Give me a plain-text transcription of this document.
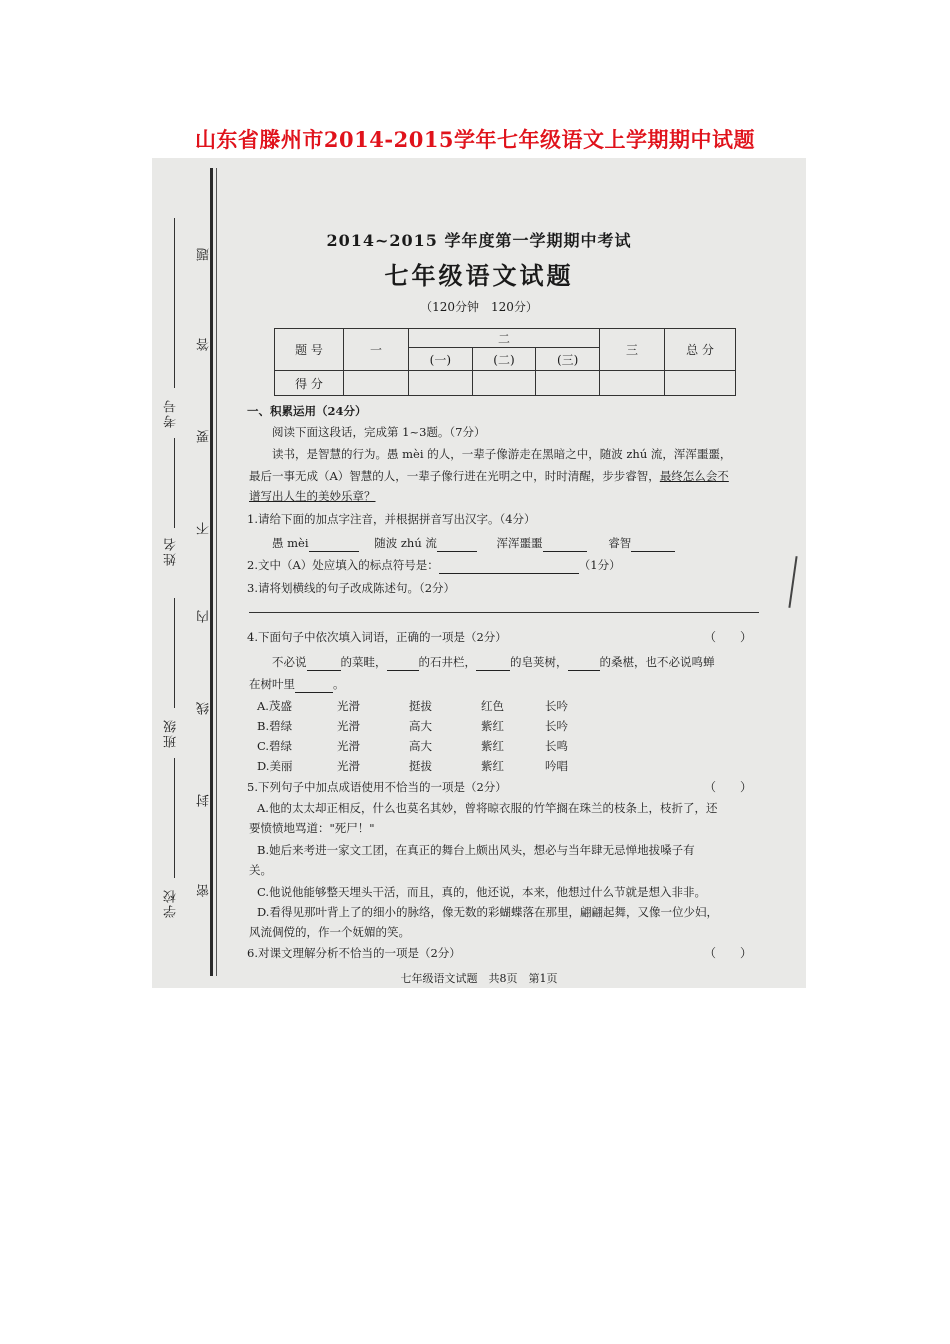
山东省滕州市2014-2015学年七年级语文上学期期中试题
考号
姓名
班级
学校
题
答
要
不
内
线
封
密
2014~2015 学年度第一学期期中考试
七年级语文试题
（120分钟　120分）
题 号	一	二			三	总 分
		(一)	(二)	(三)		
得 分						
一、积累运用（24分）
阅读下面这段话，完成第 1~3题。（7分）
读书，是智慧的行为。愚 mèi 的人，一辈子像游走在黑暗之中，随波 zhú 流，浑浑噩噩，
最后一事无成（A）智慧的人，一辈子像行进在光明之中，时时清醒，步步睿智，最终怎么会不
谱写出人生的美妙乐章？
1.请给下面的加点字注音，并根据拼音写出汉字。（4分）
愚 mèi	随波 zhú 流	浑浑噩噩	睿智
2.文中（A）处应填入的标点符号是：	（1分）
3.请将划横线的句子改成陈述句。（2分）
4.下面句子中依次填入词语，正确的一项是（2分）	（　　）
不必说	的菜畦，	的石井栏，	的皂荚树，	的桑椹，也不必说鸣蝉
在树叶里	。
A.茂盛	光滑	挺拔	红色	长吟
B.碧绿	光滑	高大	紫红	长吟
C.碧绿	光滑	高大	紫红	长鸣
D.美丽	光滑	挺拔	紫红	吟唱
5.下列句子中加点成语使用不恰当的一项是（2分）	（　　）
A.他的太太却正相反，什么也莫名其妙，曾将晾衣服的竹竿搁在珠兰的枝条上，枝折了，还
要愤愤地骂道："死尸！"
B.她后来考进一家文工团，在真正的舞台上颇出风头，想必与当年肆无忌惮地拔嗓子有
关。
C.他说他能够整天埋头干活，而且，真的，他还说，本来，他想过什么节就是想入非非。
D.看得见那叶背上了的细小的脉络，像无数的彩蝴蝶落在那里，翩翩起舞，又像一位少妇，
风流倜傥的，作一个妩媚的笑。
6.对课文理解分析不恰当的一项是（2分）	（　　）
七年级语文试题　共8页　第1页
